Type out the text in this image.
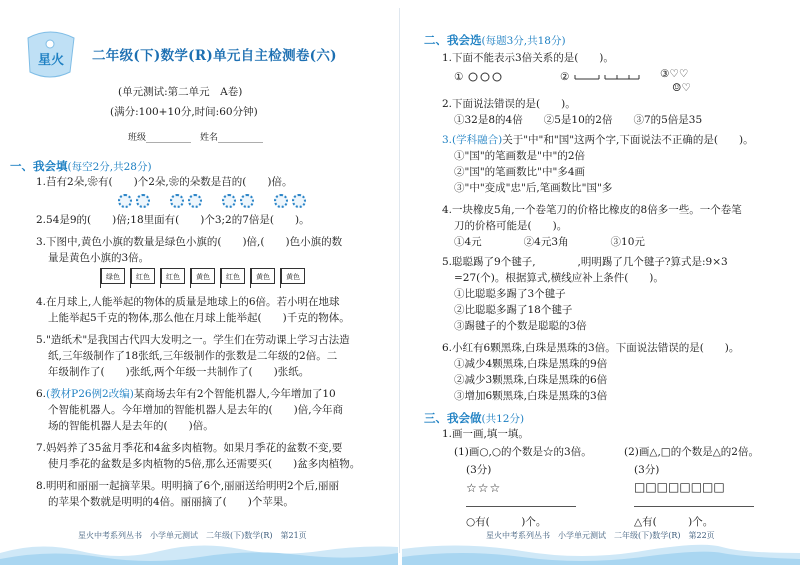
星火 二年级(下)数学(R)单元自主检测卷(六)
(单元测试:第二单元　A卷)
(满分:100+10分,时间:60分钟)
班级__________　姓名__________
一、我会填(每空2分,共28分)
1.䒤有2朵,❀有(　　)个2朵,❀的朵数是䒤的(　　)倍。
2.54是9的(　　)倍;18里面有(　　)个3;2的7倍是(　　)。
3.下图中,黄色小旗的数量是绿色小旗的(　　)倍,(　　)色小旗的数
量是黄色小旗的3倍。
绿色	红色	红色	黄色	红色	黄色	黄色
4.在月球上,人能举起的物体的质量是地球上的6倍。若小明在地球
上能举起5千克的物体,那么他在月球上能举起(　　)千克的物体。
5."造纸术"是我国古代四大发明之一。学生们在劳动课上学习古法造
纸,三年级制作了18张纸,三年级制作的张数是二年级的2倍。二
年级制作了(　　)张纸,两个年级一共制作了(　　)张纸。
6.(教材P26例2改编)某商场去年有2个智能机器人,今年增加了10
个智能机器人。今年增加的智能机器人是去年的(　　)倍,今年商
场的智能机器人是去年的(　　)倍。
7.妈妈养了35盆月季花和4盆多肉植物。如果月季花的盆数不变,要
使月季花的盆数是多肉植物的5倍,那么还需要买(　　)盆多肉植物。
8.明明和丽丽一起摘苹果。明明摘了6个,丽丽送给明明2个后,丽丽
的苹果个数就是明明的4倍。丽丽摘了(　　)个苹果。
星火中考系列丛书　小学单元测试　二年级(下)数学(R)　第21页
二、我会选(每题3分,共18分)
1.下面不能表示3倍关系的是(　　)。
①	②	③♡♡
☺♡
2.下面说法错误的是(　　)。
①32是8的4倍　　②5是10的2倍　　③7的5倍是35
3.(学科融合)关于"中"和"国"这两个字,下面说法不正确的是(　　)。
①"国"的笔画数是"中"的2倍
②"国"的笔画数比"中"多4画
③"中"变成"忠"后,笔画数比"国"多
4.一块橡皮5角,一个卷笔刀的价格比橡皮的8倍多一些。一个卷笔
刀的价格可能是(　　)。
①4元　　　　②4元3角　　　　③10元
5.聪聪踢了9个毽子,　　　　,明明踢了几个毽子?算式是:9×3
=27(个)。根据算式,横线应补上条件(　　)。
①比聪聪多踢了3个毽子
②比聪聪多踢了18个毽子
③踢毽子的个数是聪聪的3倍
6.小红有6颗黑珠,白珠是黑珠的3倍。下面说法错误的是(　　)。
①减少4颗黑珠,白珠是黑珠的9倍
②减少3颗黑珠,白珠是黑珠的6倍
③增加6颗黑珠,白珠是黑珠的3倍
三、我会做(共12分)
1.画一画,填一填。
(1)画○,○的个数是☆的3倍。	(2)画△,□的个数是△的2倍。
(3分)	(3分)
☆☆☆	□□□□□□□□
○有(　　　)个。	△有(　　　)个。
星火中考系列丛书　小学单元测试　二年级(下)数学(R)　第22页
